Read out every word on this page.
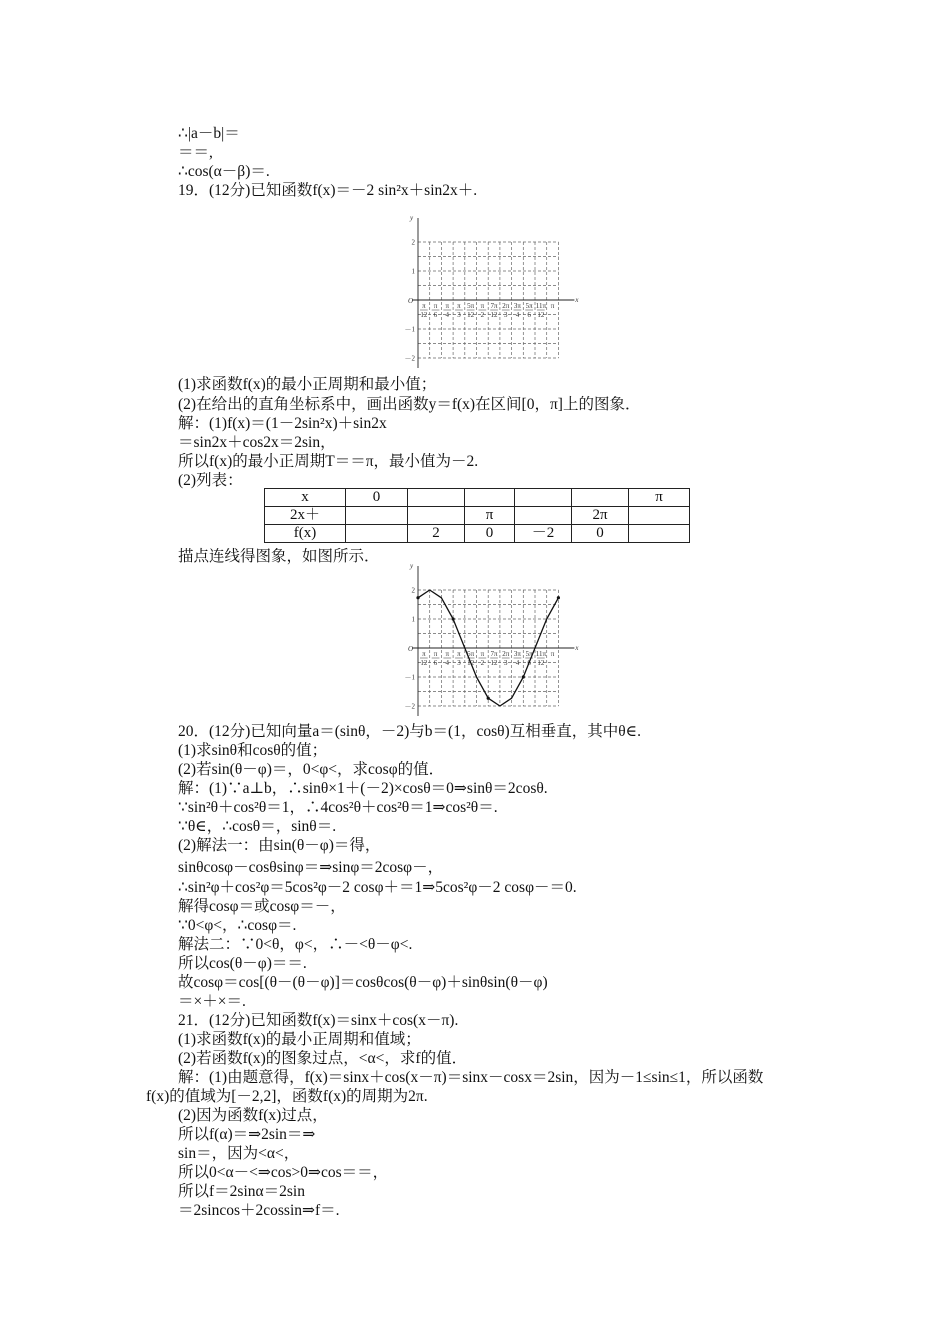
∴|a－b|＝
＝＝,
∴cos(α－β)＝.
19．(12分)已知函数f(x)＝－2 sin²x＋sin2x＋.
x
y
O
2
1
－1
－2
π
12
π
6
π
4
π
3
5π
12
π
2
7π
12
2π
3
3π
4
5π
6
11π
12
π
(1)求函数f(x)的最小正周期和最小值；
(2)在给出的直角坐标系中，画出函数y＝f(x)在区间[0，π]上的图象．
解：(1)f(x)＝(1－2sin²x)＋sin2x
＝sin2x＋cos2x＝2sin，
所以f(x)的最小正周期T＝＝π，最小值为－2.
(2)列表：
x	0					π
2x＋			π		2π	
f(x)		2	0	－2	0	
描点连线得图象，如图所示．
x
y
O
2
1
－1
－2
π
12
π
6
π
4
π
3
5π
12
π
2
7π
12
2π
3
3π
4
5π
6
11π
12
π
20．(12分)已知向量a＝(sinθ，－2)与b＝(1，cosθ)互相垂直，其中θ∈.
(1)求sinθ和cosθ的值；
(2)若sin(θ－φ)＝，0<φ<，求cosφ的值．
解：(1)∵a⊥b，∴sinθ×1＋(－2)×cosθ＝0⇒sinθ＝2cosθ.
∵sin²θ＋cos²θ＝1，∴4cos²θ＋cos²θ＝1⇒cos²θ＝.
∵θ∈，∴cosθ＝，sinθ＝.
(2)解法一：由sin(θ－φ)＝得，
sinθcosφ－cosθsinφ＝⇒sinφ＝2cosφ－，
∴sin²φ＋cos²φ＝5cos²φ－2 cosφ＋＝1⇒5cos²φ－2 cosφ－＝0.
解得cosφ＝或cosφ＝－，
∵0<φ<，∴cosφ＝.
解法二：∵0<θ，φ<，∴－<θ－φ<.
所以cos(θ－φ)＝＝.
故cosφ＝cos[(θ－(θ－φ)]＝cosθcos(θ－φ)＋sinθsin(θ－φ)
＝×＋×＝.
21．(12分)已知函数f(x)＝sinx＋cos(x－π).
(1)求函数f(x)的最小正周期和值域；
(2)若函数f(x)的图象过点，<α<，求f的值．
解：(1)由题意得，f(x)＝sinx＋cos(x－π)＝sinx－cosx＝2sin，因为－1≤sin≤1，所以函数
f(x)的值域为[－2,2]，函数f(x)的周期为2π.
(2)因为函数f(x)过点，
所以f(α)＝⇒2sin＝⇒
sin＝，因为<α<，
所以0<α－<⇒cos>0⇒cos＝＝，
所以f＝2sinα＝2sin
＝2sincos＋2cossin⇒f＝.
